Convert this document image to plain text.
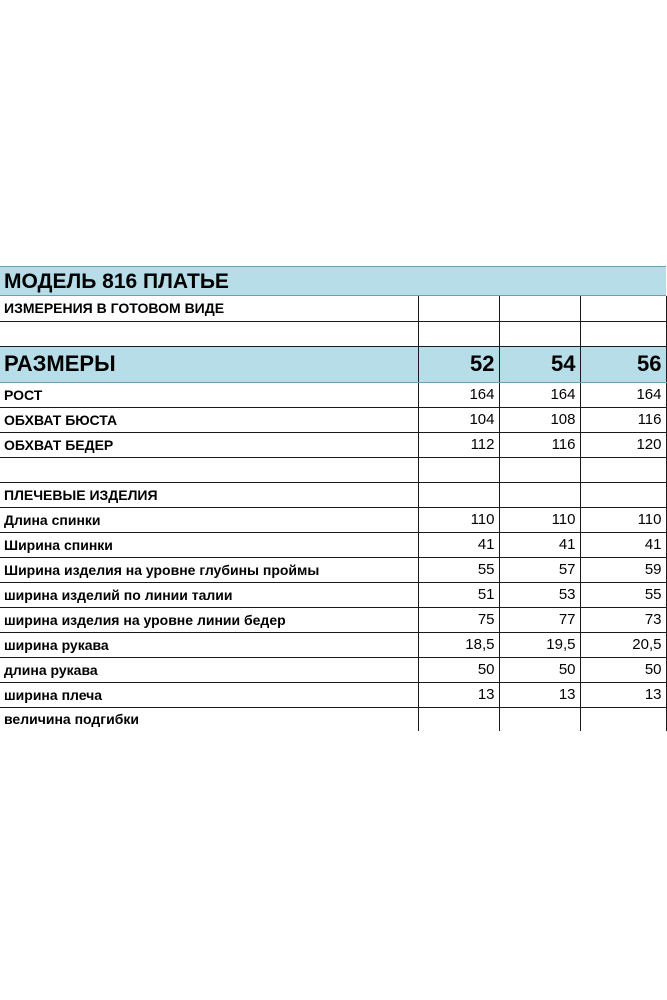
МОДЕЛЬ 816 ПЛАТЬЕ
ИЗМЕРЕНИЯ В ГОТОВОМ ВИДЕ			

РАЗМЕРЫ	52	54	56
РОСТ	164	164	164
ОБХВАТ БЮСТА	104	108	116
ОБХВАТ БЕДЕР	112	116	120

ПЛЕЧЕВЫЕ ИЗДЕЛИЯ			
Длина спинки	110	110	110
Ширина спинки	41	41	41
Ширина изделия на уровне глубины проймы	55	57	59
ширина изделий по линии талии	51	53	55
ширина изделия на уровне линии бедер	75	77	73
ширина рукава	18,5	19,5	20,5
длина рукава	50	50	50
ширина плеча	13	13	13
величина подгибки			
